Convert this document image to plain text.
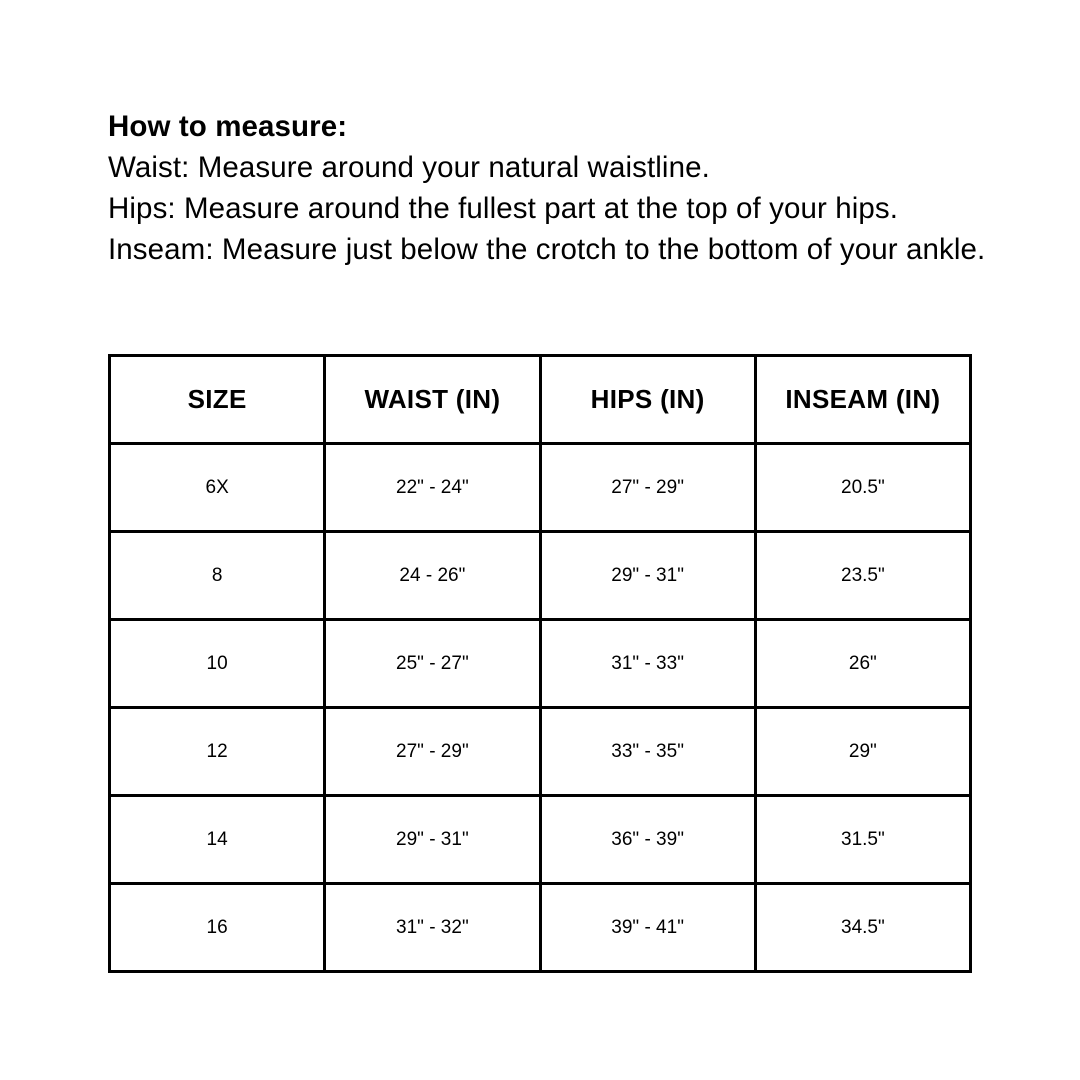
How to measure:
Waist: Measure around your natural waistline.
Hips: Measure around the fullest part at the top of your hips.
Inseam: Measure just below the crotch to the bottom of your ankle.
SIZE	WAIST (IN)	HIPS (IN)	INSEAM (IN)
6X	22" - 24"	27" - 29"	20.5"
8	24 - 26"	29" - 31"	23.5"
10	25" - 27"	31" - 33"	26"
12	27" - 29"	33" - 35"	29"
14	29" - 31"	36" - 39"	31.5"
16	31" - 32"	39" - 41"	34.5"
